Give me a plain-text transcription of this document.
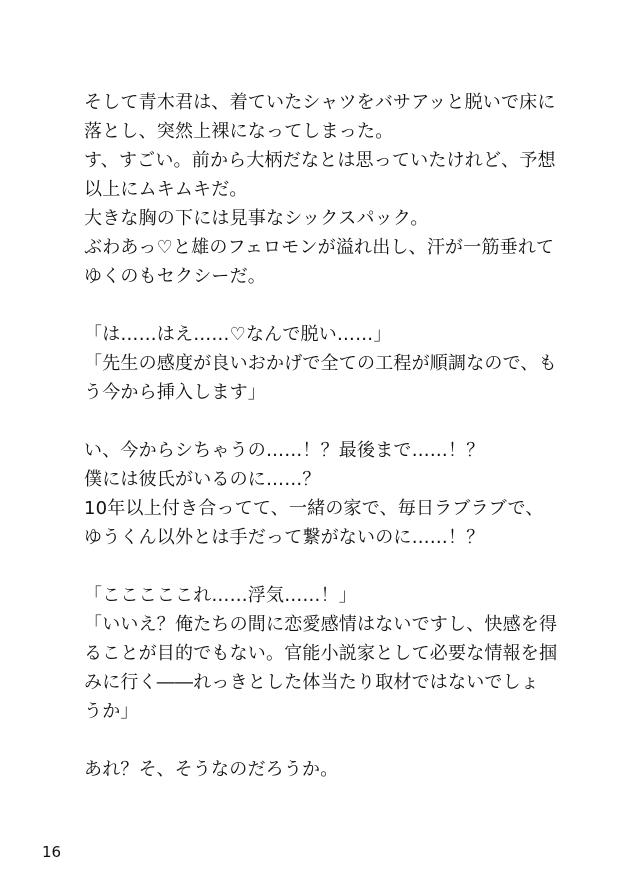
そして青木君は、着ていたシャツをバサアッと脱いで床に
落とし、突然上裸になってしまった。
す、すごい。前から大柄だなとは思っていたけれど、予想
以上にムキムキだ。
大きな胸の下には見事なシックスパック。
ぶわあっ♡と雄のフェロモンが溢れ出し、汗が一筋垂れて
ゆくのもセクシーだ。
「は……はえ……♡なんで脱い……」
「先生の感度が良いおかげで全ての工程が順調なので、も
う今から挿入します」
い、今からシちゃうの……！？最後まで……！？
僕には彼氏がいるのに……？
10年以上付き合ってて、一緒の家で、毎日ラブラブで、
ゆうくん以外とは手だって繋がないのに……！？
「こここここれ……浮気……！」
「いいえ？俺たちの間に恋愛感情はないですし、快感を得
ることが目的でもない。官能小説家として必要な情報を掴
みに行く――れっきとした体当たり取材ではないでしょ
うか」
あれ？そ、そうなのだろうか。
16
